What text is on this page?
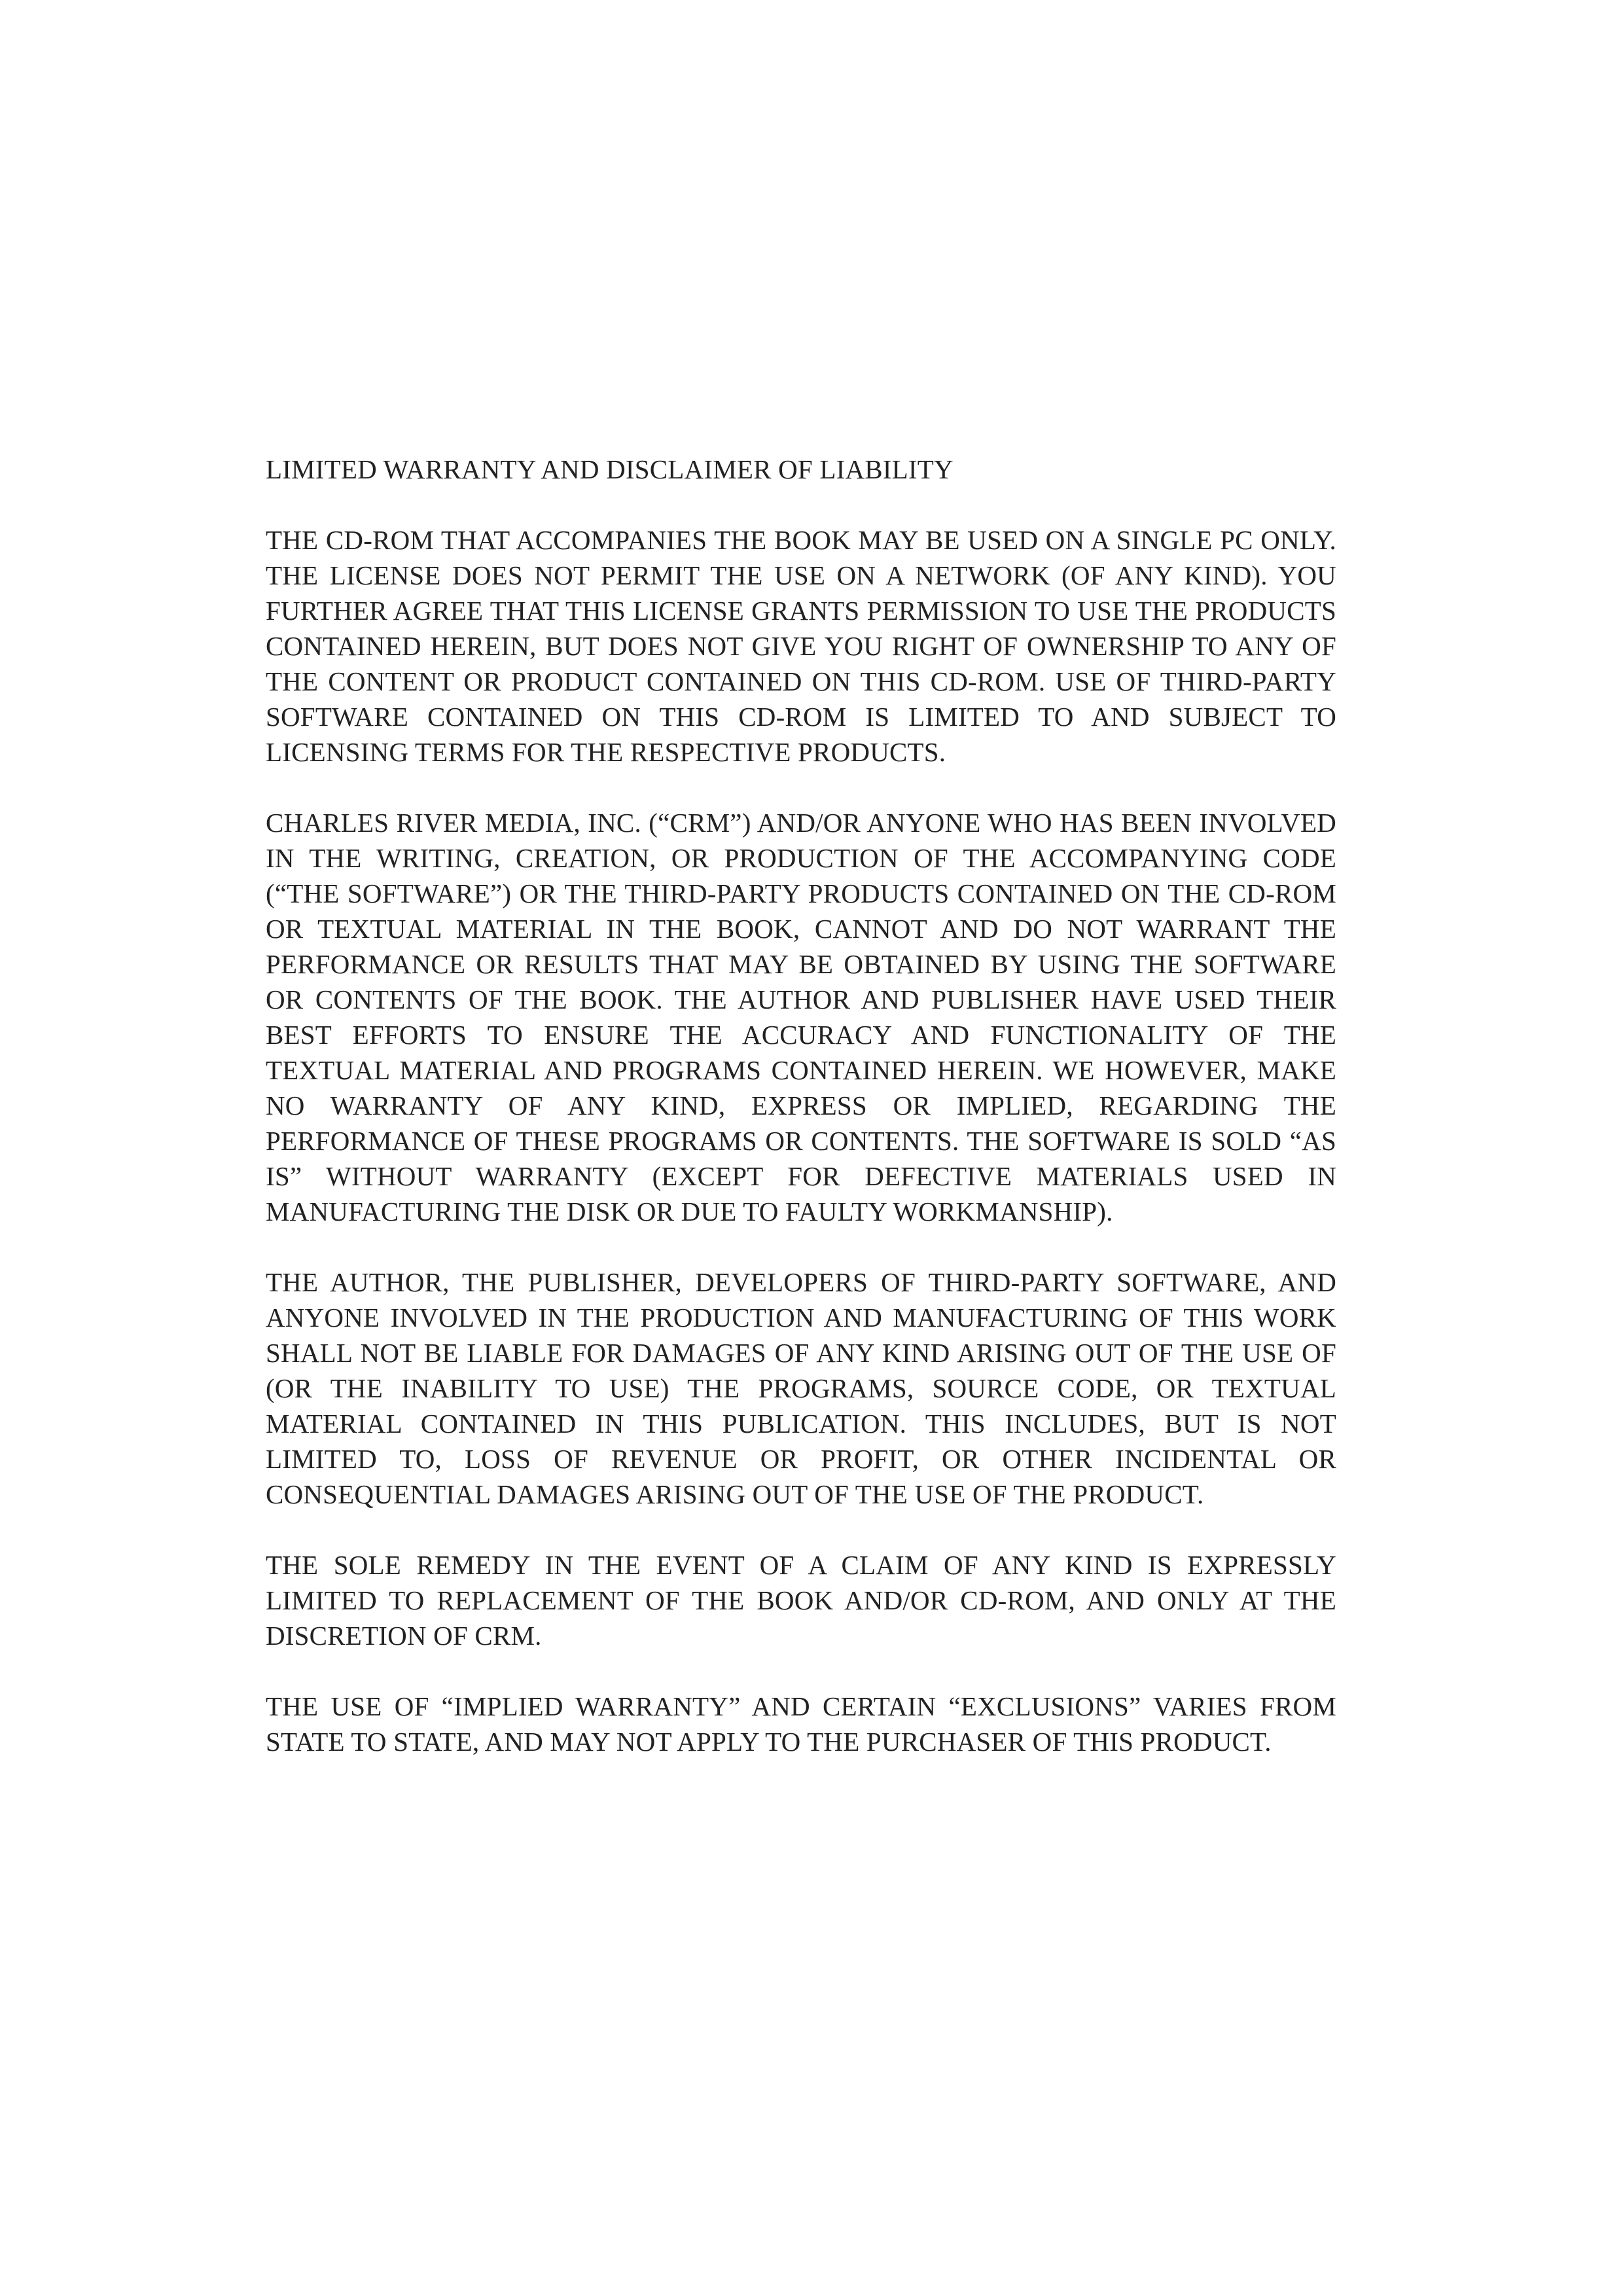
LIMITED WARRANTY AND DISCLAIMER OF LIABILITY

THE CD-ROM THAT ACCOMPANIES THE BOOK MAY BE USED ON A SINGLE PC ONLY. THE LICENSE DOES NOT PERMIT THE USE ON A NETWORK (OF ANY KIND). YOU FURTHER AGREE THAT THIS LICENSE GRANTS PERMISSION TO USE THE PRODUCTS CONTAINED HEREIN, BUT DOES NOT GIVE YOU RIGHT OF OWNERSHIP TO ANY OF THE CONTENT OR PRODUCT CONTAINED ON THIS CD-ROM. USE OF THIRD-PARTY SOFTWARE CONTAINED ON THIS CD-ROM IS LIMITED TO AND SUBJECT TO LICENSING TERMS FOR THE RESPECTIVE PRODUCTS.

CHARLES RIVER MEDIA, INC. (“CRM”) AND/OR ANYONE WHO HAS BEEN INVOLVED IN THE WRITING, CREATION, OR PRODUCTION OF THE ACCOMPANYING CODE (“THE SOFTWARE”) OR THE THIRD-PARTY PRODUCTS CONTAINED ON THE CD-ROM OR TEXTUAL MATERIAL IN THE BOOK, CANNOT AND DO NOT WARRANT THE PERFORMANCE OR RESULTS THAT MAY BE OBTAINED BY USING THE SOFTWARE OR CONTENTS OF THE BOOK. THE AUTHOR AND PUBLISHER HAVE USED THEIR BEST EFFORTS TO ENSURE THE ACCURACY AND FUNCTIONALITY OF THE TEXTUAL MATERIAL AND PROGRAMS CONTAINED HEREIN. WE HOWEVER, MAKE NO WARRANTY OF ANY KIND, EXPRESS OR IMPLIED, REGARDING THE PERFORMANCE OF THESE PROGRAMS OR CONTENTS. THE SOFTWARE IS SOLD “AS IS” WITHOUT WARRANTY (EXCEPT FOR DEFECTIVE MATERIALS USED IN MANUFACTURING THE DISK OR DUE TO FAULTY WORKMANSHIP).

THE AUTHOR, THE PUBLISHER, DEVELOPERS OF THIRD-PARTY SOFTWARE, AND ANYONE INVOLVED IN THE PRODUCTION AND MANUFACTURING OF THIS WORK SHALL NOT BE LIABLE FOR DAMAGES OF ANY KIND ARISING OUT OF THE USE OF (OR THE INABILITY TO USE) THE PROGRAMS, SOURCE CODE, OR TEXTUAL MATERIAL CONTAINED IN THIS PUBLICATION. THIS INCLUDES, BUT IS NOT LIMITED TO, LOSS OF REVENUE OR PROFIT, OR OTHER INCIDENTAL OR CONSEQUENTIAL DAMAGES ARISING OUT OF THE USE OF THE PRODUCT.

THE SOLE REMEDY IN THE EVENT OF A CLAIM OF ANY KIND IS EXPRESSLY LIMITED TO REPLACEMENT OF THE BOOK AND/OR CD-ROM, AND ONLY AT THE DISCRETION OF CRM.

THE USE OF “IMPLIED WARRANTY” AND CERTAIN “EXCLUSIONS” VARIES FROM STATE TO STATE, AND MAY NOT APPLY TO THE PURCHASER OF THIS PRODUCT.
